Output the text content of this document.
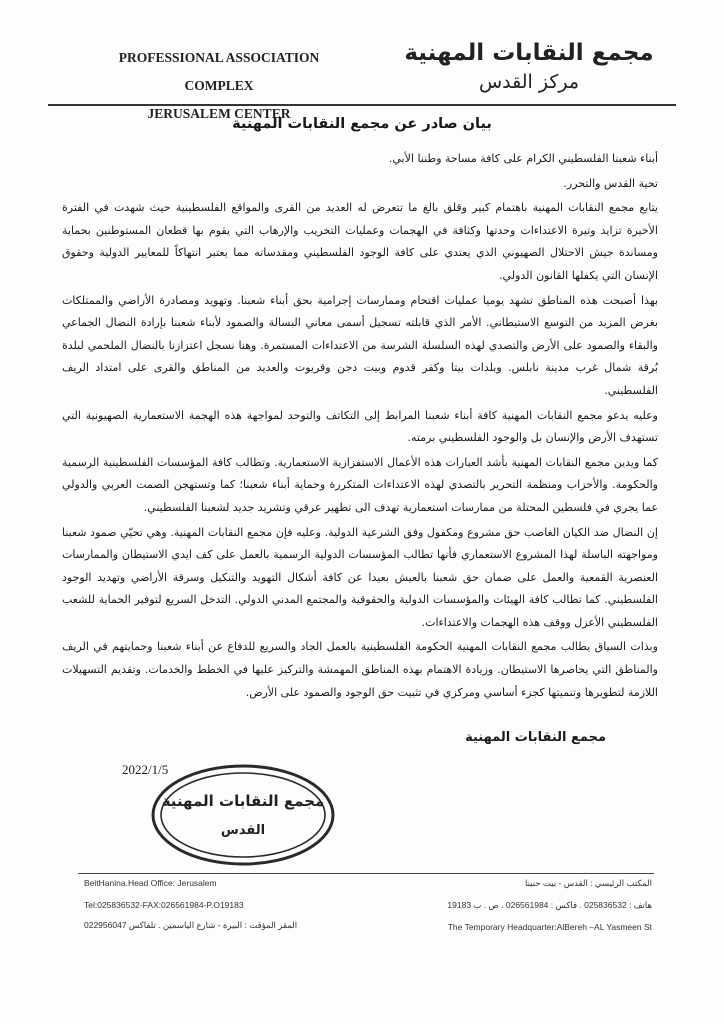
PROFESSIONAL ASSOCIATION COMPLEX
JERUSALEM CENTER
مجمع النقابات المهنية
مركز القدس
بيان صادر عن مجمع النقابات المهنية

أبناء شعبنا الفلسطيني الكرام على كافة مساحة وطننا الأبي.

تحية القدس والتحرر.

يتابع مجمع النقابات المهنية باهتمام كبير وقلق بالغ ما تتعرض له العديد من القرى والمواقع الفلسطينية حيث شهدت في الفترة الأخيرة تزايد وتيرة الاعتداءات وحدتها وكثافة في الهجمات وعمليات التخريب والإرهاب التي يقوم بها قطعان المستوطنين بحماية ومساندة جيش الاحتلال الصهيوني الذي يعتدي على كافة الوجود الفلسطيني ومقدساته مما يعتبر انتهاكاً للمعايير الدولية وحقوق الإنسان التي يكفلها القانون الدولي.

بهذا أصبحت هذه المناطق تشهد يوميا عمليات اقتحام وممارسات إجرامية بحق أبناء شعبنا. وتهويد ومصادرة الأراضي والممتلكات بغرض المزيد من التوسع الاستيطاني. الأمر الذي قابلته تسجيل أسمى معاني البسالة والصمود لأبناء شعبنا بإرادة النضال الجماعي والبقاء والصمود على الأرض والتصدي لهذه السلسلة الشرسة من الاعتداءات المستمرة. وهنا نسجل اعتزازنا بالنضال الملحمي لبلدة بُرقة شمال غرب مدينة نابلس. وبلدات بيتا وكفر قدوم وبيت دجن وقريوت والعديد من المناطق والقرى على امتداد الريف الفلسطيني.

وعليه يدعو مجمع النقابات المهنية كافة أبناء شعبنا المرابط إلى التكاتف والتوحد لمواجهة هذه الهجمة الاستعمارية الصهيونية التي تستهدف الأرض والإنسان بل والوجود الفلسطيني برمته.

كما ويدين مجمع النقابات المهنية بأشد العبارات هذه الأعمال الاستفزازية الاستعمارية. وتطالب كافة المؤسسات الفلسطينية الرسمية والحكومة. والأحزاب ومنظمة التحرير بالتصدي لهذه الاعتداءات المتكررة وحماية أبناء شعبنا؛ كما وتستهجن الصمت العربي والدولي عما يجري في فلسطين المحتلة من ممارسات استعمارية تهدف الى تطهير عرقي وتشريد جديد لشعبنا الفلسطيني.

إن النضال ضد الكيان الغاصب حق مشروع ومكفول وفق الشرعية الدولية. وعليه فإن مجمع النقابات المهنية. وهي تحيّي صمود شعبنا ومواجهته الباسلة لهذا المشروع الاستعماري فأنها تطالب المؤسسات الدولية الرسمية بالعمل على كف ايدي الاستيطان والممارسات العنصرية القمعية والعمل على ضمان حق شعبنا بالعيش بعيدا عن كافة أشكال التهويد والتنكيل وسرقة الأراضي وتهديد الوجود الفلسطيني. كما تطالب كافة الهيئات والمؤسسات الدولية والحقوقية والمجتمع المدني الدولي. التدخل السريع لتوفير الحماية للشعب الفلسطيني الأعزل ووقف هذه الهجمات والاعتداءات.

وبذات السياق يطالب مجمع النقابات المهنية الحكومة الفلسطينية بالعمل الجاد والسريع للدفاع عن أبناء شعبنا وحمايتهم في الريف والمناطق التي يحاصرها الاستيطان. وزيادة الاهتمام بهذه المناطق المهمشة والتركيز عليها في الخطط والخدمات. وتقديم التسهيلات اللازمة لتطويرها وتنميتها كجزء أساسي ومركزي في تثبيت حق الوجود والصمود على الأرض.

مجمع النقابات المهنية
2022/1/5
مجمع النقابات المهنية
القدس
BeitHanina.Head Office: Jerusalem
Tel:025836532-FAX:026561984-P.O19183
المقر المؤقت : البيرة - شارع الياسمين . تلفاكس 022956047
المكتب الرئيسي : القدس - بيت حنينا
هاتف : 025836532 . فاكس : 026561984 . ص . ب 19183
The Temporary Headquarter:AlBereh –AL Yasmeen St
